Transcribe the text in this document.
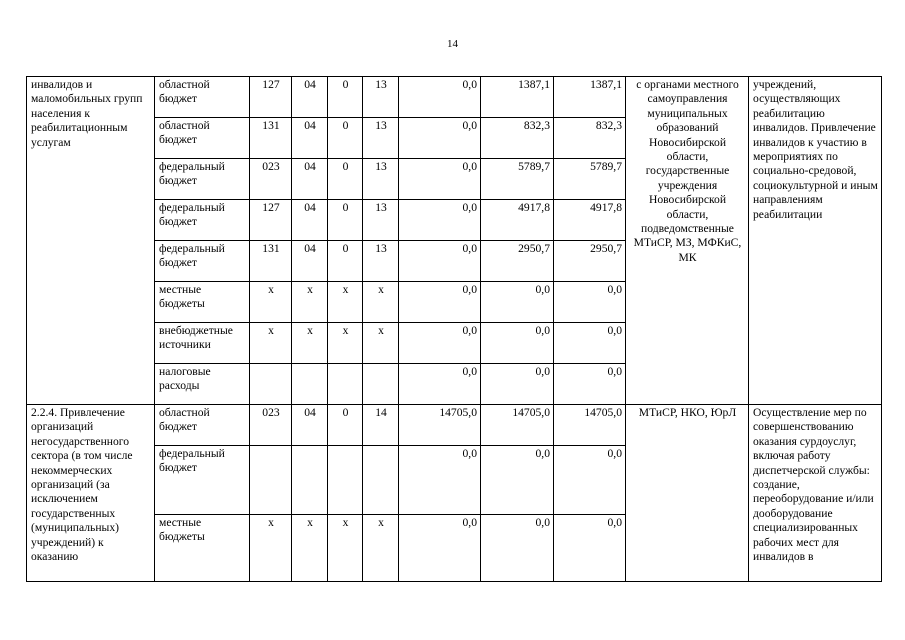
14
инвалидов и маломобильных групп населения к реабилитационным услугам	областной бюджет	127	04	0	13	0,0	1387,1	1387,1	с органами местного самоуправления муниципальных образований Новосибирской области, государственные учреждения Новосибирской области, подведомственные МТиСР, МЗ, МФКиС, МК	учреждений, осуществляющих реабилитацию инвалидов. Привлечение инвалидов к участию в мероприятиях по социально-средовой, социокультурной и иным направлениям реабилитации
	областной бюджет	131	04	0	13	0,0	832,3	832,3		
	федеральный бюджет	023	04	0	13	0,0	5789,7	5789,7		
	федеральный бюджет	127	04	0	13	0,0	4917,8	4917,8		
	федеральный бюджет	131	04	0	13	0,0	2950,7	2950,7		
	местные бюджеты	х	х	х	х	0,0	0,0	0,0		
	внебюджетные источники	х	х	х	х	0,0	0,0	0,0		
	налоговые расходы					0,0	0,0	0,0		
2.2.4. Привлечение организаций негосударственного сектора (в том числе некоммерческих организаций (за исключением государственных (муниципальных) учреждений) к оказанию	областной бюджет	023	04	0	14	14705,0	14705,0	14705,0	МТиСР, НКО, ЮрЛ	Осуществление мер по совершенствованию оказания сурдоуслуг, включая работу диспетчерской службы: создание, переоборудование и/или дооборудование специализированных рабочих мест для инвалидов в
	федеральный бюджет					0,0	0,0	0,0		
	местные бюджеты	х	х	х	х	0,0	0,0	0,0		
